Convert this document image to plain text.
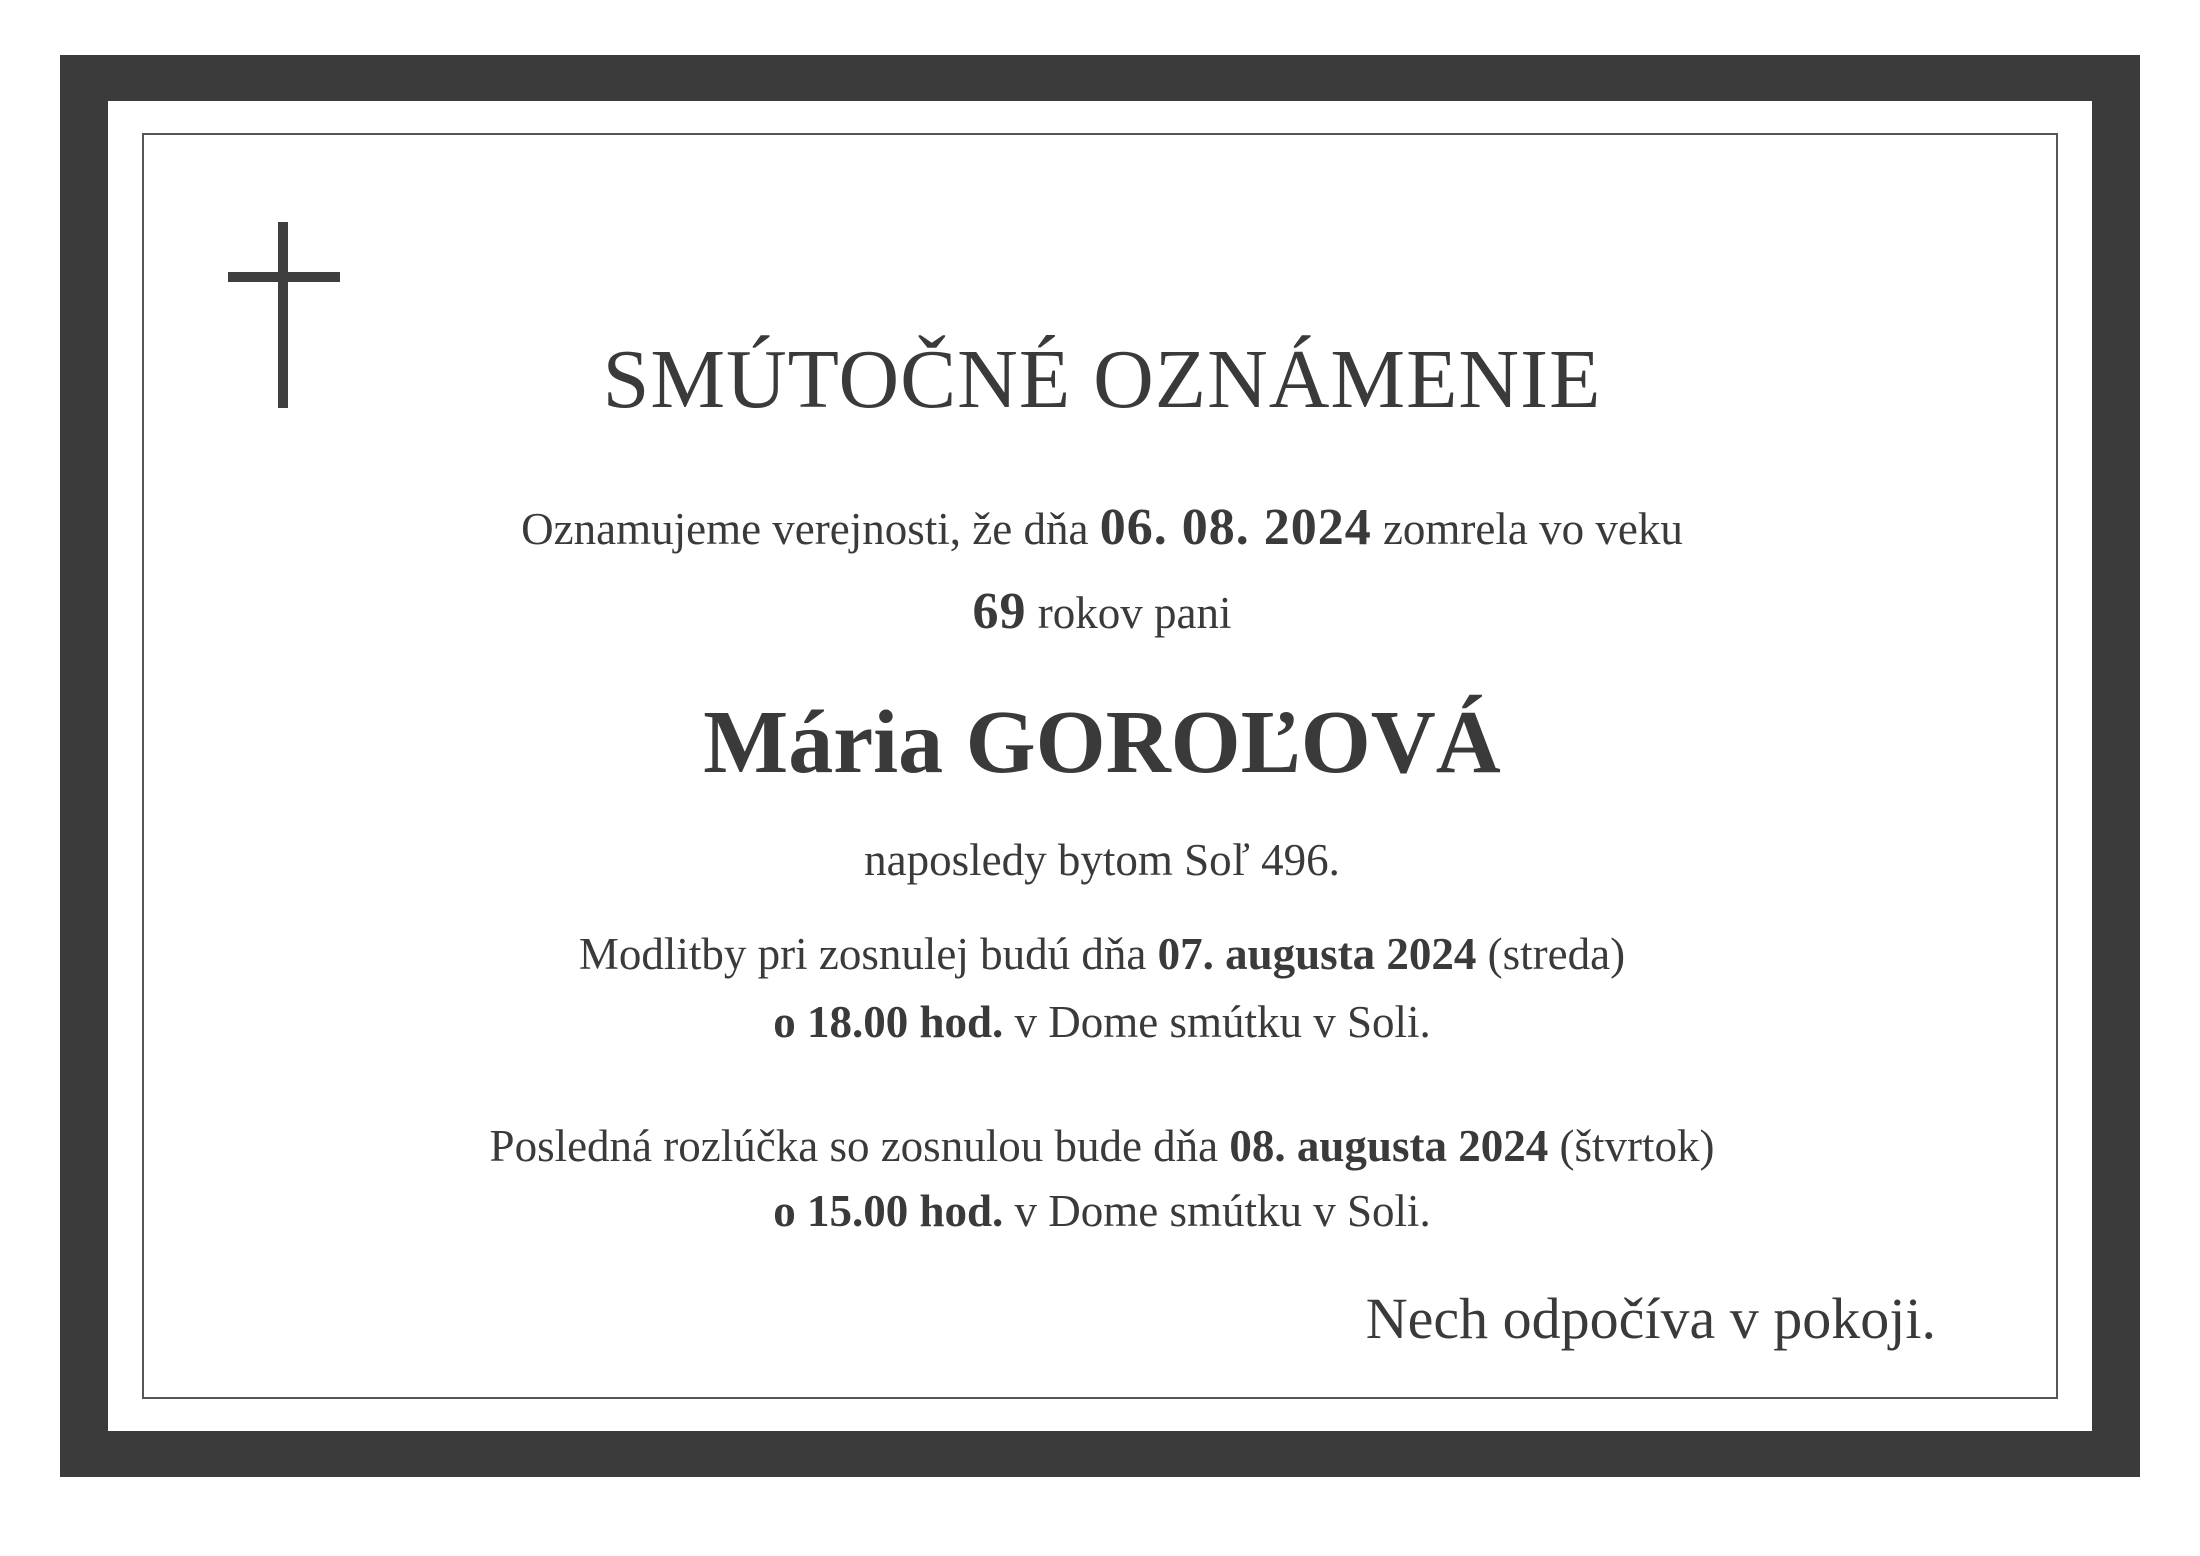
SMÚTOČNÉ OZNÁMENIE
Oznamujeme verejnosti, že dňa 06. 08. 2024 zomrela vo veku
69 rokov pani
Mária GOROĽOVÁ
naposledy bytom Soľ 496.
Modlitby pri zosnulej budú dňa 07. augusta 2024 (streda)
o 18.00 hod. v Dome smútku v Soli.
Posledná rozlúčka so zosnulou bude dňa 08. augusta 2024 (štvrtok)
o 15.00 hod. v Dome smútku v Soli.
Nech odpočíva v pokoji.
